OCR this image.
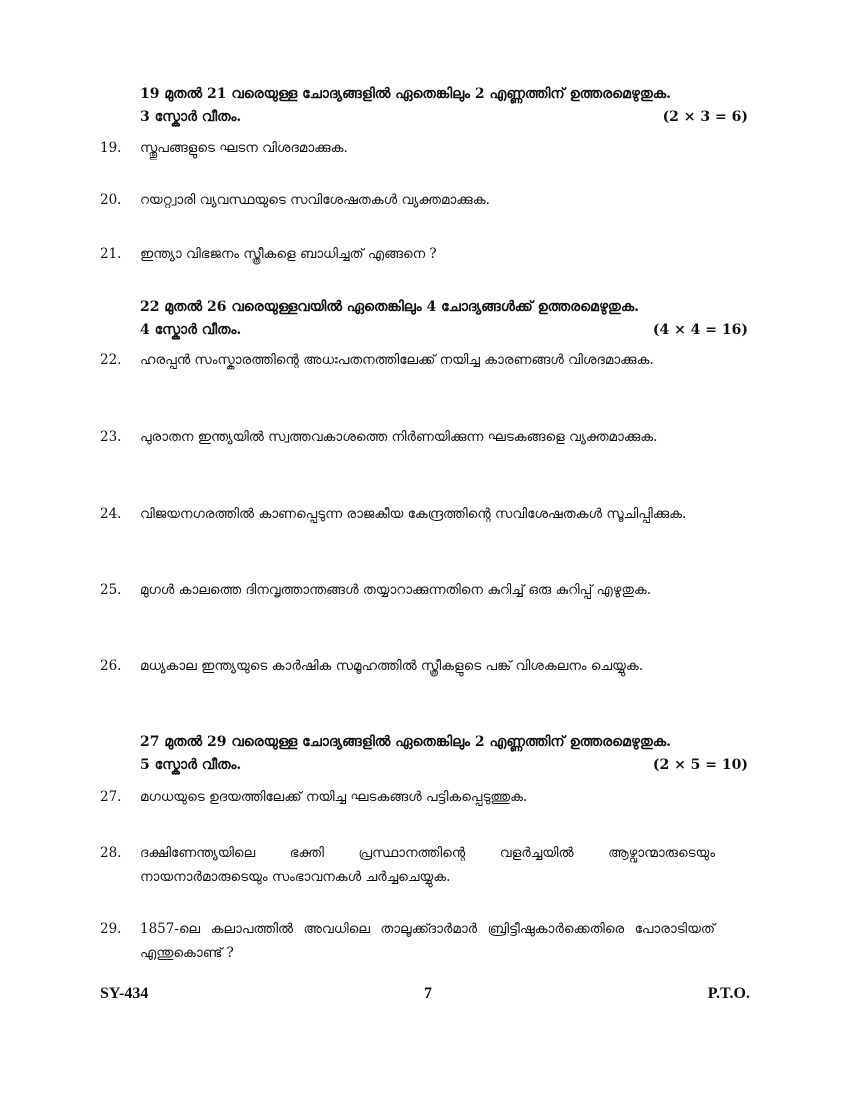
19 മുതൽ 21 വരെയുള്ള ചോദ്യങ്ങളിൽ ഏതെങ്കിലും 2 എണ്ണത്തിന് ഉത്തരമെഴുതുക.
3 സ്കോർ വീതം.	(2 × 3 = 6)
19.	സ്തൂപങ്ങളുടെ ഘടന വിശദമാക്കുക.
20.	റയറ്റ്വാരി വ്യവസ്ഥയുടെ സവിശേഷതകൾ വ്യക്തമാക്കുക.
21.	ഇന്ത്യാ വിഭജനം സ്ത്രീകളെ ബാധിച്ചത് എങ്ങനെ ?
22 മുതൽ 26 വരെയുള്ളവയിൽ ഏതെങ്കിലും 4 ചോദ്യങ്ങൾക്ക് ഉത്തരമെഴുതുക.
4 സ്കോർ വീതം.	(4 × 4 = 16)
22.	ഹരപ്പൻ സംസ്കാരത്തിന്റെ അധഃപതനത്തിലേക്ക് നയിച്ച കാരണങ്ങൾ വിശദമാക്കുക.
23.	പുരാതന ഇന്ത്യയിൽ സ്വത്തവകാശത്തെ നിർണയിക്കുന്ന ഘടകങ്ങളെ വ്യക്തമാക്കുക.
24.	വിജയനഗരത്തിൽ കാണപ്പെടുന്ന രാജകീയ കേന്ദ്രത്തിന്റെ സവിശേഷതകൾ സൂചിപ്പിക്കുക.
25.	മുഗൾ കാലത്തെ ദിനവൃത്താന്തങ്ങൾ തയ്യാറാക്കുന്നതിനെ കുറിച്ച് ഒരു കുറിപ്പ് എഴുതുക.
26.	മധ്യകാല ഇന്ത്യയുടെ കാർഷിക സമൂഹത്തിൽ സ്ത്രീകളുടെ പങ്ക് വിശകലനം ചെയ്യുക.
27 മുതൽ 29 വരെയുള്ള ചോദ്യങ്ങളിൽ ഏതെങ്കിലും 2 എണ്ണത്തിന് ഉത്തരമെഴുതുക.
5 സ്കോർ വീതം.	(2 × 5 = 10)
27.	മഗധയുടെ ഉദയത്തിലേക്ക് നയിച്ച ഘടകങ്ങൾ പട്ടികപ്പെടുത്തുക.
28.	ദക്ഷിണേന്ത്യയിലെ ഭക്തി പ്രസ്ഥാനത്തിന്റെ വളർച്ചയിൽ ആഴ്വാന്മാരുടെയും നായനാർമാരുടെയും സംഭാവനകൾ ചർച്ചചെയ്യുക.
29.	1857-ലെ കലാപത്തിൽ അവധിലെ താലൂക്ക്ദാർമാർ ബ്രിട്ടീഷുകാർക്കെതിരെ പോരാടിയത് എന്തുകൊണ്ട് ?
SY-434	7	P.T.O.
